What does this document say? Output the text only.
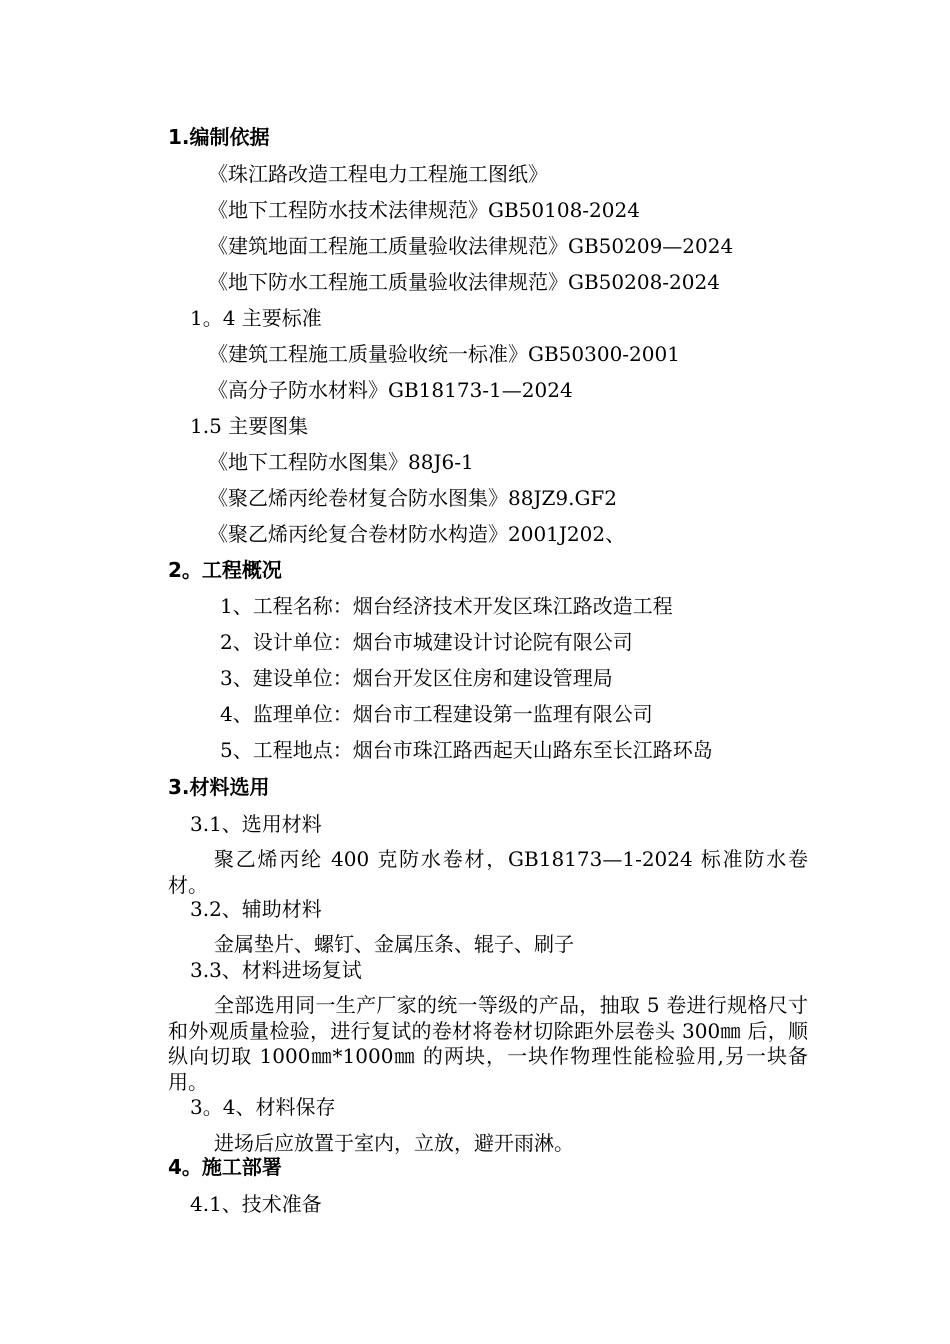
1.编制依据
《珠江路改造工程电力工程施工图纸》
《地下工程防水技术法律规范》GB50108-2024
《建筑地面工程施工质量验收法律规范》GB50209—2024
《地下防水工程施工质量验收法律规范》GB50208-2024
1。4 主要标准
《建筑工程施工质量验收统一标准》GB50300-2001
《高分子防水材料》GB18173-1—2024
1.5 主要图集
《地下工程防水图集》88J6-1
《聚乙烯丙纶卷材复合防水图集》88JZ9.GF2
《聚乙烯丙纶复合卷材防水构造》2001J202、
2。工程概况
1、工程名称：烟台经济技术开发区珠江路改造工程
2、设计单位：烟台市城建设计讨论院有限公司
3、建设单位：烟台开发区住房和建设管理局
4、监理单位：烟台市工程建设第一监理有限公司
5、工程地点：烟台市珠江路西起天山路东至长江路环岛
3.材料选用
3.1、选用材料
聚乙烯丙纶 400 克防水卷材，GB18173—1-2024 标准防水卷材。
3.2、辅助材料
金属垫片、螺钉、金属压条、辊子、刷子
3.3、材料进场复试
全部选用同一生产厂家的统一等级的产品，抽取 5 卷进行规格尺寸和外观质量检验，进行复试的卷材将卷材切除距外层卷头 300㎜ 后，顺纵向切取 1000㎜*1000㎜ 的两块，一块作物理性能检验用,另一块备用。
3。4、材料保存
进场后应放置于室内，立放，避开雨淋。
4。施工部署
4.1、技术准备
